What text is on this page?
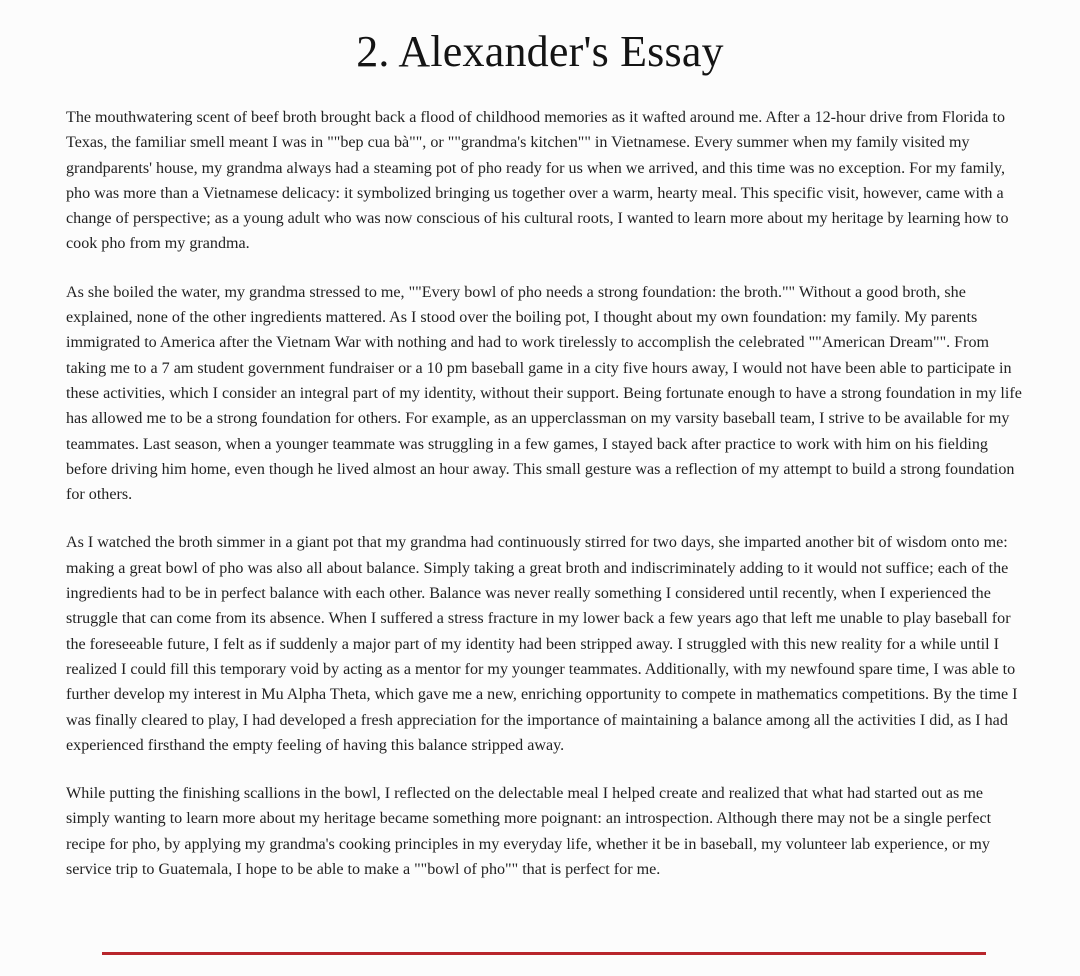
2. Alexander's Essay

The mouthwatering scent of beef broth brought back a flood of childhood memories as it wafted around me. After a 12-hour drive from Florida to Texas, the familiar smell meant I was in ""bep cua bà"", or ""grandma's kitchen"" in Vietnamese. Every summer when my family visited my grandparents' house, my grandma always had a steaming pot of pho ready for us when we arrived, and this time was no exception. For my family, pho was more than a Vietnamese delicacy: it symbolized bringing us together over a warm, hearty meal. This specific visit, however, came with a change of perspective; as a young adult who was now conscious of his cultural roots, I wanted to learn more about my heritage by learning how to cook pho from my grandma.

As she boiled the water, my grandma stressed to me, ""Every bowl of pho needs a strong foundation: the broth."" Without a good broth, she explained, none of the other ingredients mattered. As I stood over the boiling pot, I thought about my own foundation: my family. My parents immigrated to America after the Vietnam War with nothing and had to work tirelessly to accomplish the celebrated ""American Dream"". From taking me to a 7 am student government fundraiser or a 10 pm baseball game in a city five hours away, I would not have been able to participate in these activities, which I consider an integral part of my identity, without their support. Being fortunate enough to have a strong foundation in my life has allowed me to be a strong foundation for others. For example, as an upperclassman on my varsity baseball team, I strive to be available for my teammates. Last season, when a younger teammate was struggling in a few games, I stayed back after practice to work with him on his fielding before driving him home, even though he lived almost an hour away. This small gesture was a reflection of my attempt to build a strong foundation for others.

As I watched the broth simmer in a giant pot that my grandma had continuously stirred for two days, she imparted another bit of wisdom onto me: making a great bowl of pho was also all about balance. Simply taking a great broth and indiscriminately adding to it would not suffice; each of the ingredients had to be in perfect balance with each other. Balance was never really something I considered until recently, when I experienced the struggle that can come from its absence. When I suffered a stress fracture in my lower back a few years ago that left me unable to play baseball for the foreseeable future, I felt as if suddenly a major part of my identity had been stripped away. I struggled with this new reality for a while until I realized I could fill this temporary void by acting as a mentor for my younger teammates. Additionally, with my newfound spare time, I was able to further develop my interest in Mu Alpha Theta, which gave me a new, enriching opportunity to compete in mathematics competitions. By the time I was finally cleared to play, I had developed a fresh appreciation for the importance of maintaining a balance among all the activities I did, as I had experienced firsthand the empty feeling of having this balance stripped away.

While putting the finishing scallions in the bowl, I reflected on the delectable meal I helped create and realized that what had started out as me simply wanting to learn more about my heritage became something more poignant: an introspection. Although there may not be a single perfect recipe for pho, by applying my grandma's cooking principles in my everyday life, whether it be in baseball, my volunteer lab experience, or my service trip to Guatemala, I hope to be able to make a ""bowl of pho"" that is perfect for me.
